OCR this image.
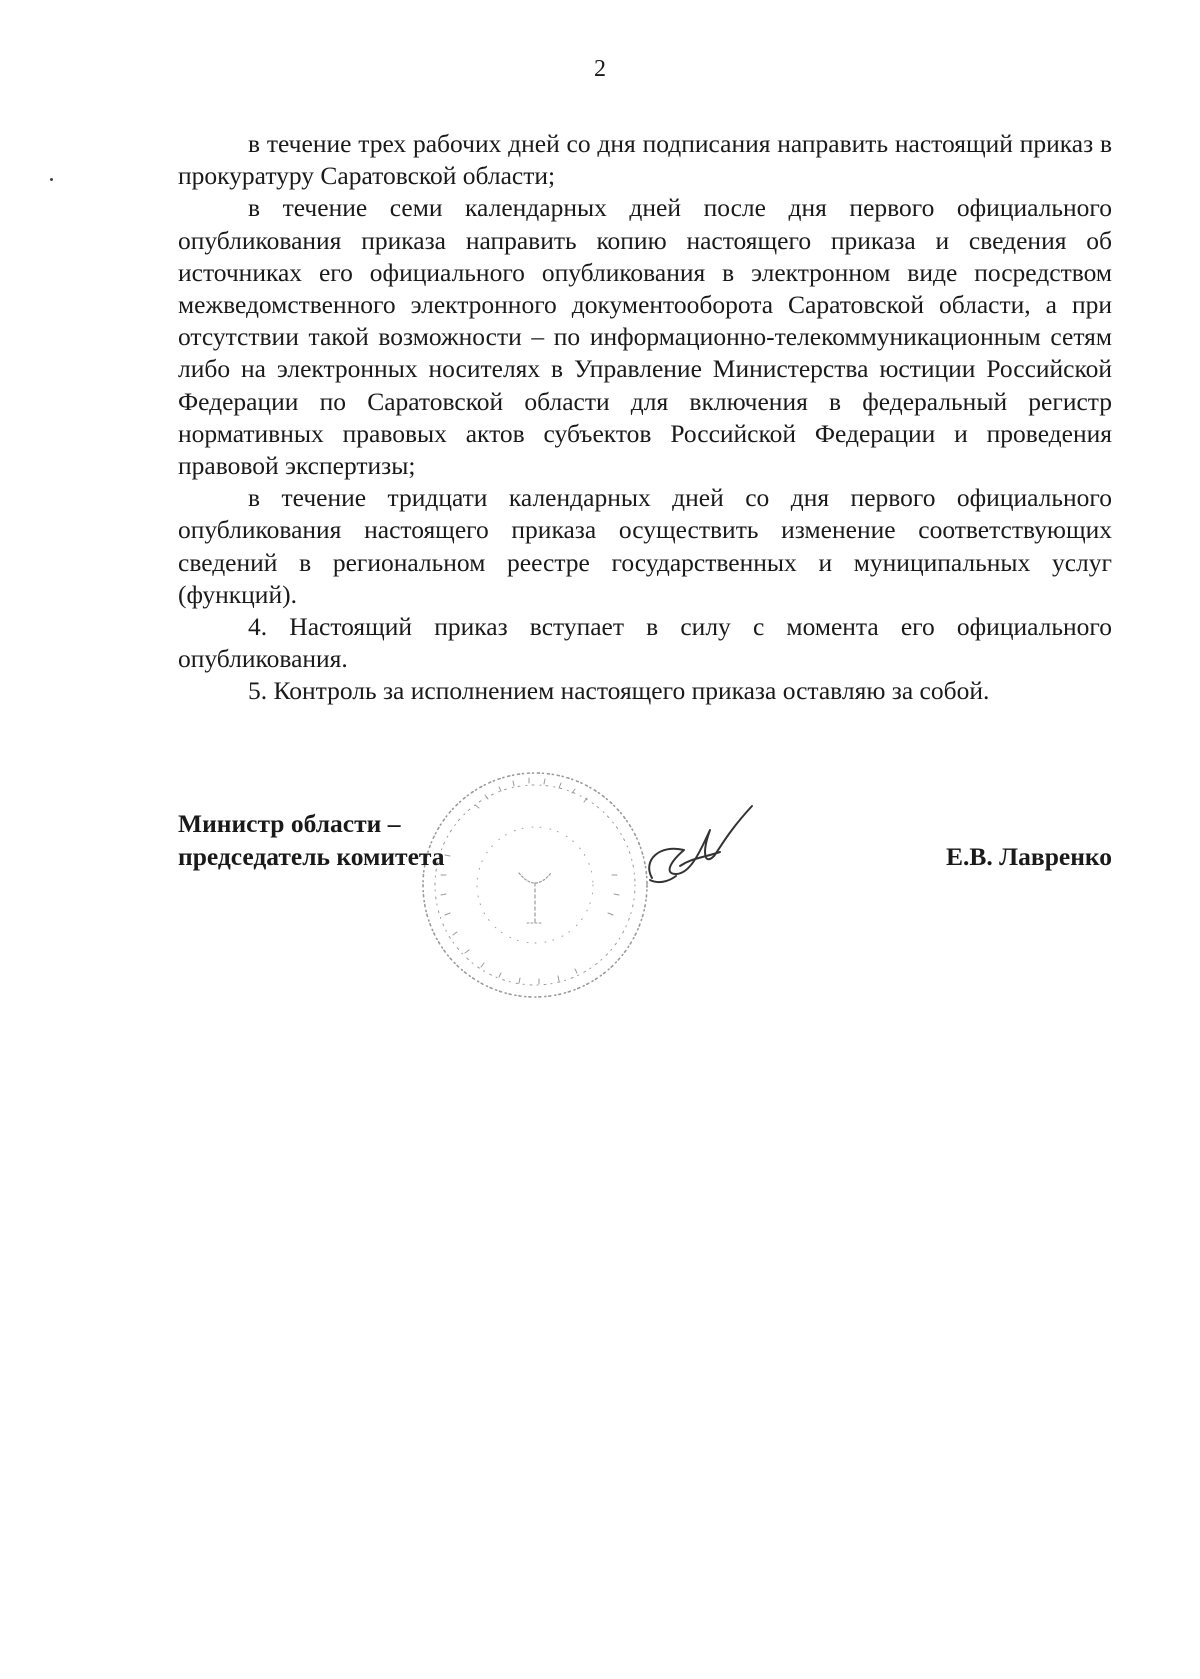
2

в течение трех рабочих дней со дня подписания направить настоящий приказ в прокуратуру Саратовской области;

в течение семи календарных дней после дня первого официального опубликования приказа направить копию настоящего приказа и сведения об источниках его официального опубликования в электронном виде посредством межведомственного электронного документооборота Саратовской области, а при отсутствии такой возможности – по информационно-телекоммуникационным сетям либо на электронных носителях в Управление Министерства юстиции Российской Федерации по Саратовской области для включения в федеральный регистр нормативных правовых актов субъектов Российской Федерации и проведения правовой экспертизы;

в течение тридцати календарных дней со дня первого официального опубликования настоящего приказа осуществить изменение соответствующих сведений в региональном реестре государственных и муниципальных услуг (функций).

4. Настоящий приказ вступает в силу с момента его официального опубликования.

5. Контроль за исполнением настоящего приказа оставляю за собой.

Министр области –
председатель комитета	Е.В. Лавренко
